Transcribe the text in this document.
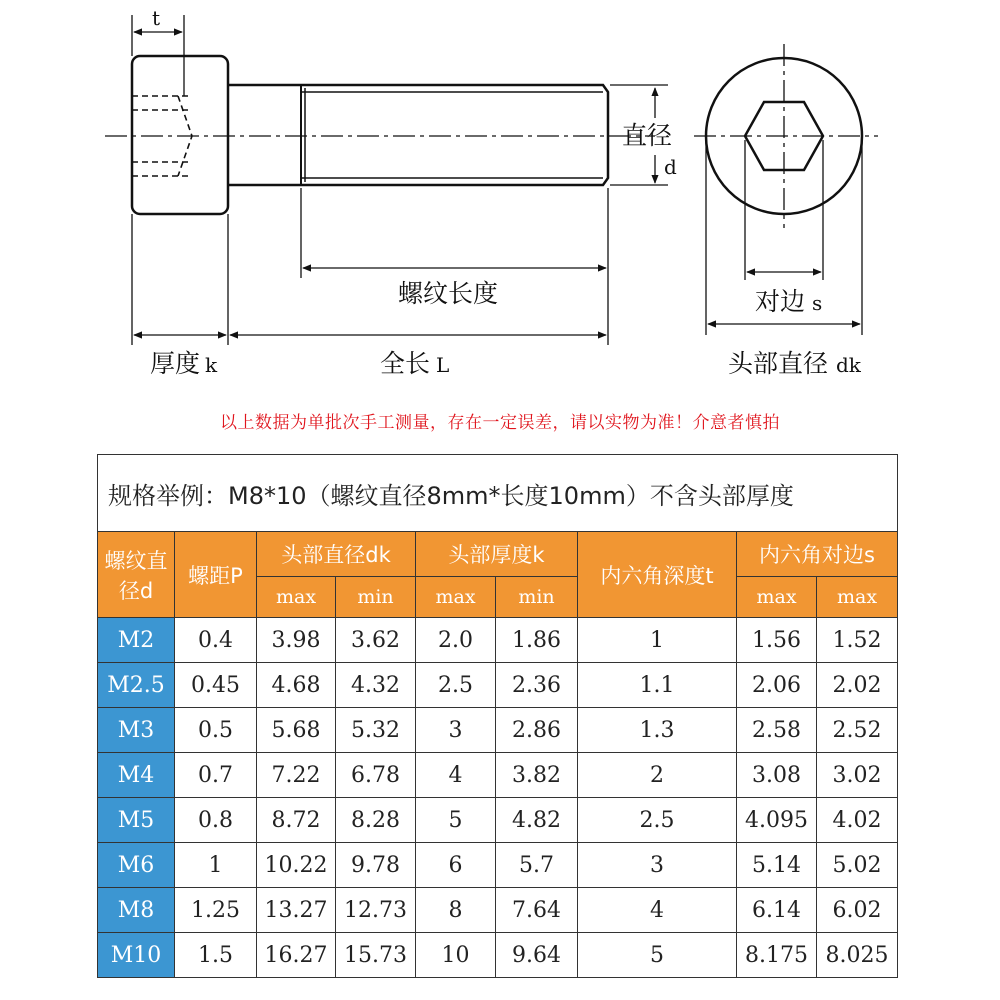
t
直径
d
螺纹长度
厚度 k	全长 L
对边 s
头部直径 dk
以上数据为单批次手工测量，存在一定误差，请以实物为准！介意者慎拍
规格举例：M8*10（螺纹直径8mm*长度10mm）不含头部厚度								
螺纹直径d	螺距P	头部直径dk		头部厚度k		内六角深度t	内六角对边s	
		max	min	max	min		max	max
M2	0.4	3.98	3.62	2.0	1.86	1	1.56	1.52
M2.5	0.45	4.68	4.32	2.5	2.36	1.1	2.06	2.02
M3	0.5	5.68	5.32	3	2.86	1.3	2.58	2.52
M4	0.7	7.22	6.78	4	3.82	2	3.08	3.02
M5	0.8	8.72	8.28	5	4.82	2.5	4.095	4.02
M6	1	10.22	9.78	6	5.7	3	5.14	5.02
M8	1.25	13.27	12.73	8	7.64	4	6.14	6.02
M10	1.5	16.27	15.73	10	9.64	5	8.175	8.025
